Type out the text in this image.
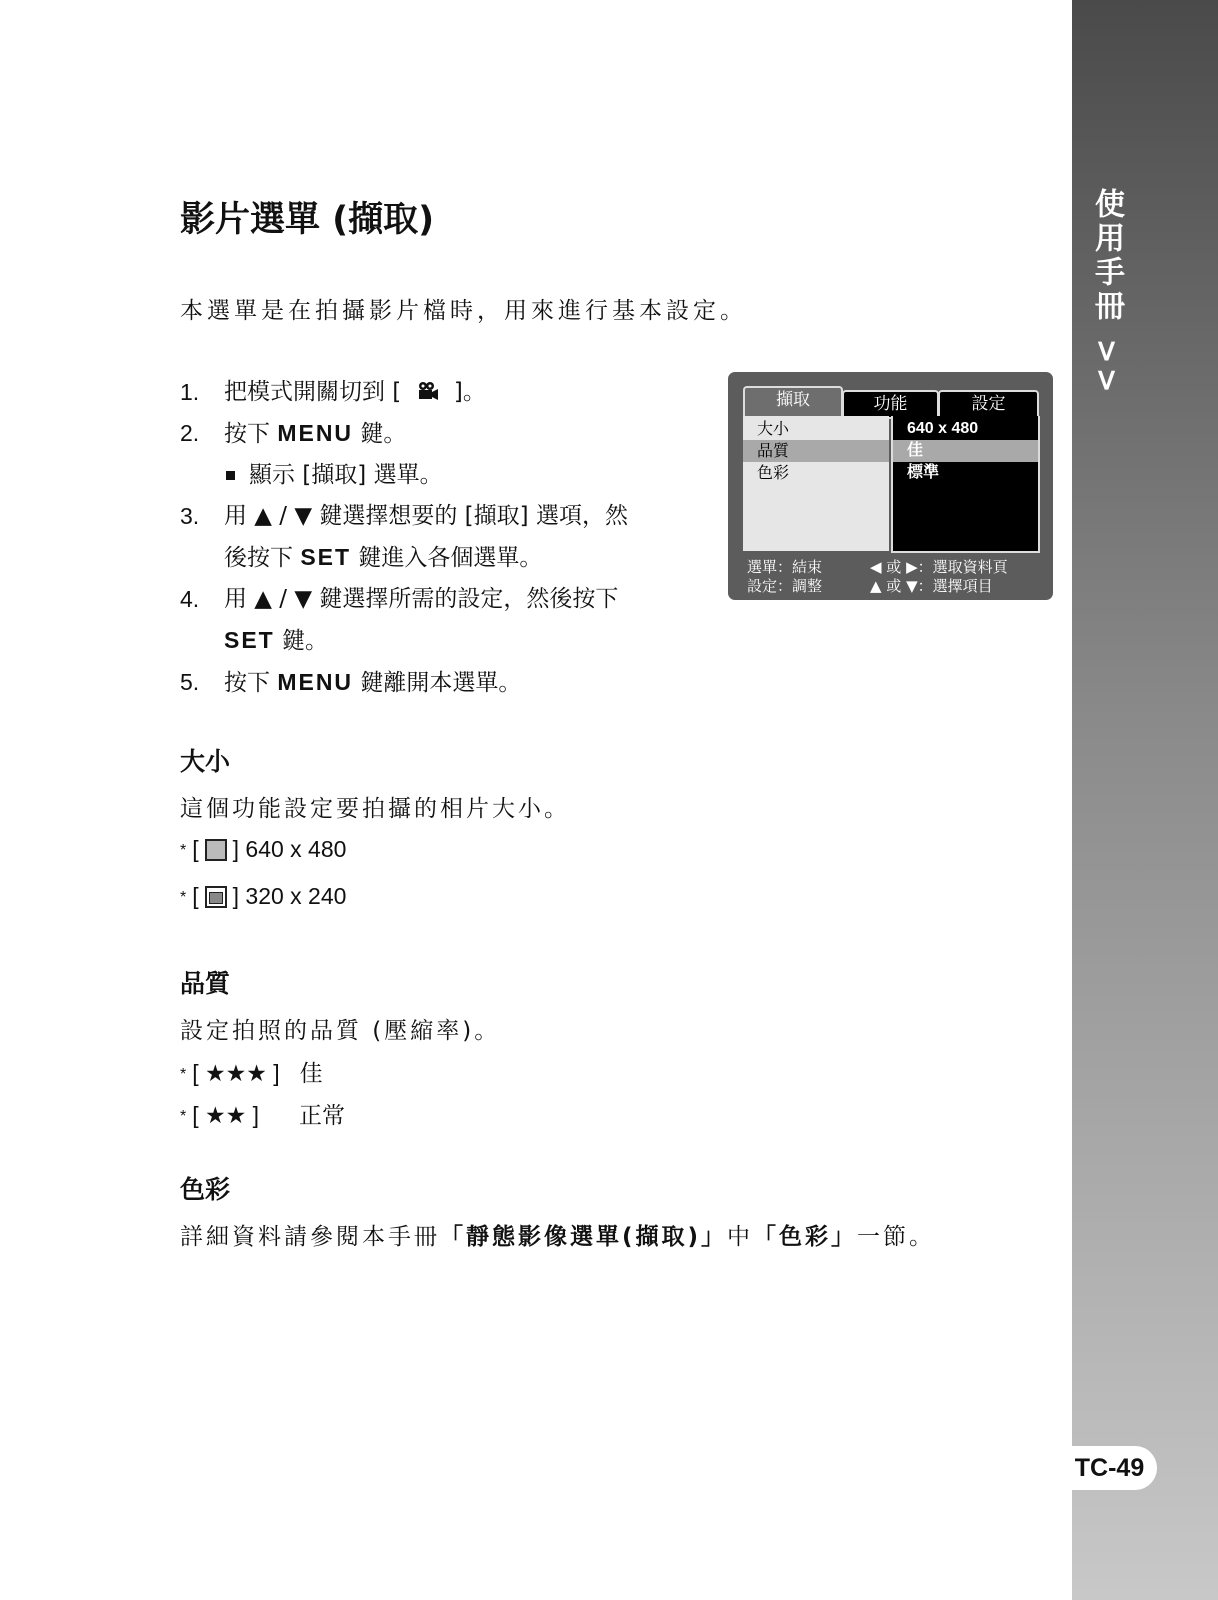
使用手冊 >>
TC-49
影片選單 (擷取)
本選單是在拍攝影片檔時，用來進行基本設定。
1. 把模式開關切到 [ ]。
2. 按下 MENU 鍵。
顯示 [擷取] 選單。
3. 用 ▲ / ▼ 鍵選擇想要的 [擷取] 選項，然
後按下 SET 鍵進入各個選單。
4. 用 ▲ / ▼ 鍵選擇所需的設定，然後按下
SET 鍵。
5. 按下 MENU 鍵離開本選單。
擷取	功能	設定
大小
品質
色彩
640 x 480
佳
標準
選單：結束
設定：調整
◀ 或 ▶：選取資料頁
▲ 或 ▼：選擇項目
大小
這個功能設定要拍攝的相片大小。
* [ ] 640 x 480
* [ ] 320 x 240
品質
設定拍照的品質 (壓縮率)。
* [ ★★★ ] 佳
* [ ★★ ] 正常
色彩
詳細資料請參閱本手冊「靜態影像選單(擷取)」中「色彩」一節。
